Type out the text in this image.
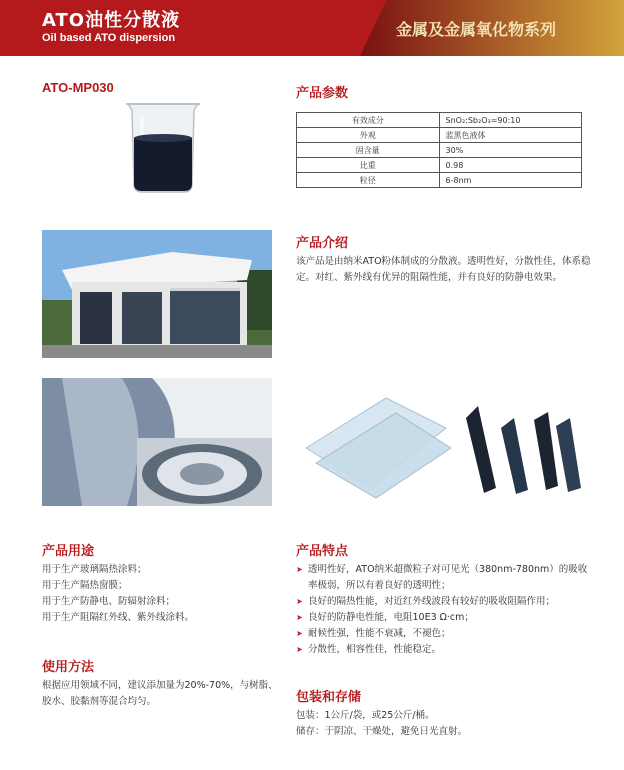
ATO油性分散液
Oil based ATO dispersion	金属及金属氧化物系列
ATO-MP030	产品参数
有效成分	SnO₂:Sb₂O₃=90:10
外观	蓝黑色液体
固含量	30%
比重	0.98
粒径	6-8nm
产品介绍
该产品是由纳米ATO粉体制成的分散液。透明性好，分散性佳，体系稳定。对红、紫外线有优异的阻隔性能，并有良好的防静电效果。
产品用途
用于生产玻璃隔热涂料；
用于生产隔热窗膜；
用于生产防静电、防辐射涂料；
用于生产阻隔红外线、紫外线涂料。
使用方法
根据应用领域不同，建议添加量为20%-70%，与树脂、胶水、胶黏剂等混合均匀。
产品特点
➤ 透明性好，ATO纳米超微粒子对可见光（380nm-780nm）的吸收率极弱，所以有着良好的透明性；
➤ 良好的隔热性能，对近红外线波段有较好的吸收阻隔作用；
➤ 良好的防静电性能，电阻10E3 Ω·cm；
➤ 耐候性强，性能不衰减，不褪色；
➤ 分散性，相容性佳，性能稳定。
包装和存储
包装：1公斤/袋，或25公斤/桶。
储存：于阴凉、干燥处，避免日光直射。
